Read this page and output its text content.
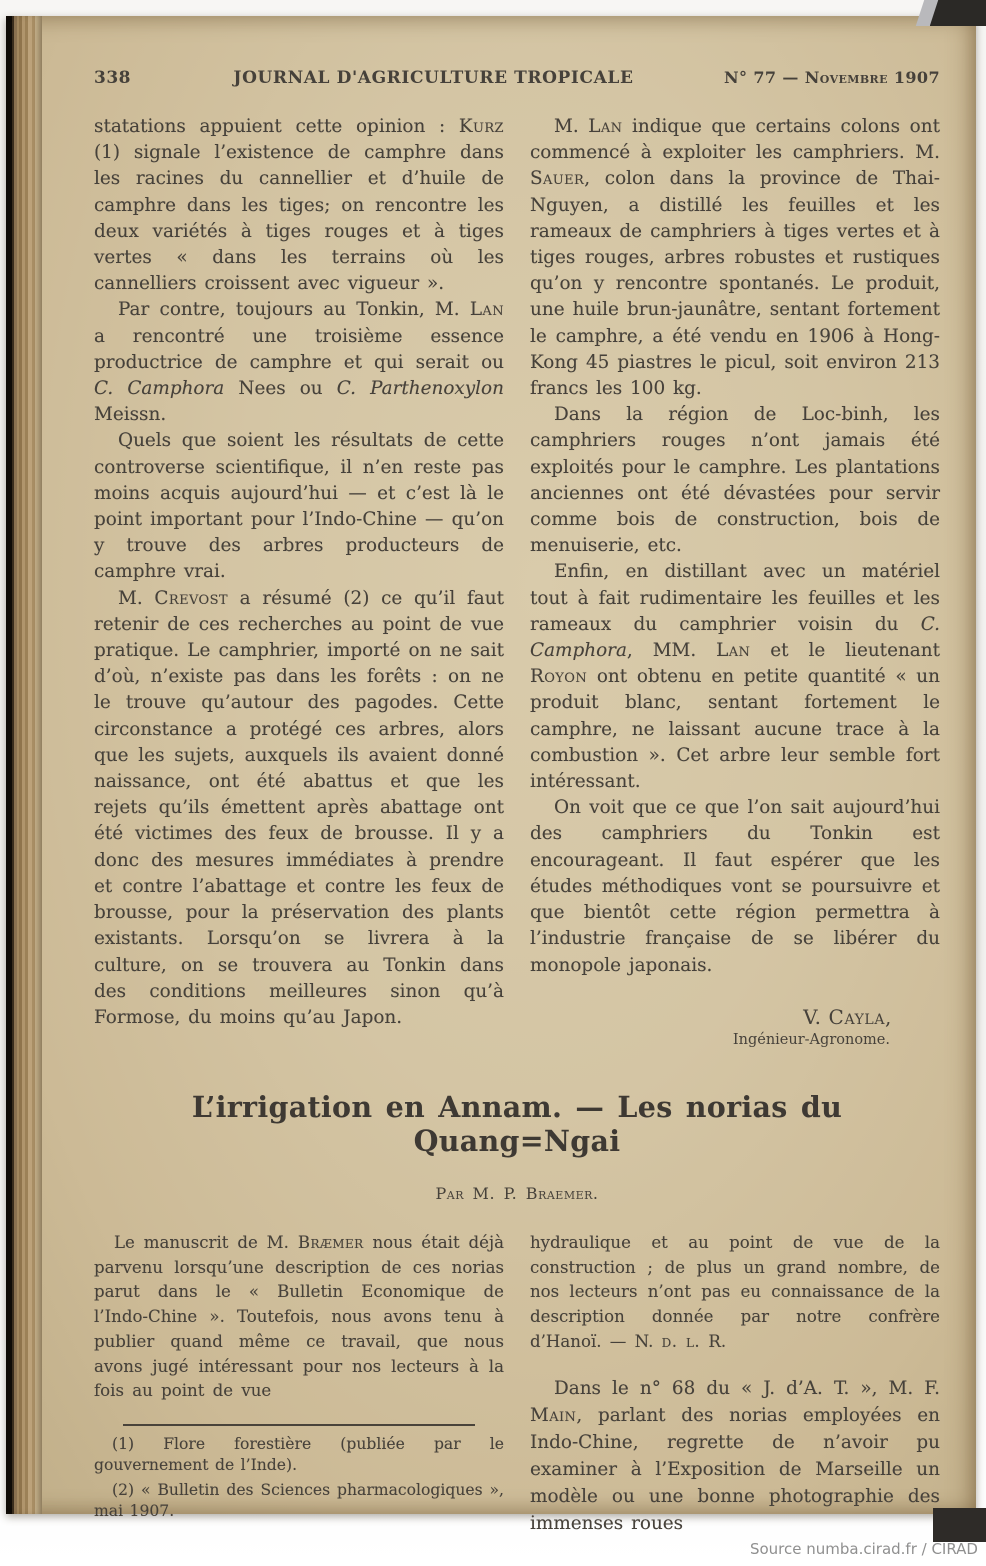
338	JOURNAL D'AGRICULTURE TROPICALE	N° 77 — Novembre 1907

statations appuient cette opinion : Kurz (1) signale l’existence de camphre dans les racines du cannellier et d’huile de camphre dans les tiges; on rencontre les deux variétés à tiges rouges et à tiges vertes « dans les terrains où les cannelliers croissent avec vigueur ».

Par contre, toujours au Tonkin, M. Lan a rencontré une troisième essence productrice de camphre et qui serait ou C. Camphora Nees ou C. Parthenoxylon Meissn.

Quels que soient les résultats de cette controverse scientifique, il n’en reste pas moins acquis aujourd’hui — et c’est là le point important pour l’Indo-Chine — qu’on y trouve des arbres producteurs de camphre vrai.

M. Crevost a résumé (2) ce qu’il faut retenir de ces recherches au point de vue pratique. Le camphrier, importé on ne sait d’où, n’existe pas dans les forêts : on ne le trouve qu’autour des pagodes. Cette circonstance a protégé ces arbres, alors que les sujets, auxquels ils avaient donné naissance, ont été abattus et que les rejets qu’ils émettent après abattage ont été victimes des feux de brousse. Il y a donc des mesures immédiates à prendre et contre l’abattage et contre les feux de brousse, pour la préservation des plants existants. Lorsqu’on se livrera à la culture, on se trouvera au Tonkin dans des conditions meilleures sinon qu’à Formose, du moins qu’au Japon.

M. Lan indique que certains colons ont commencé à exploiter les camphriers. M. Sauer, colon dans la province de Thai-Nguyen, a distillé les feuilles et les rameaux de camphriers à tiges vertes et à tiges rouges, arbres robustes et rustiques qu’on y rencontre spontanés. Le produit, une huile brun-jaunâtre, sentant fortement le camphre, a été vendu en 1906 à Hong-Kong 45 piastres le picul, soit environ 213 francs les 100 kg.

Dans la région de Loc-binh, les camphriers rouges n’ont jamais été exploités pour le camphre. Les plantations anciennes ont été dévastées pour servir comme bois de construction, bois de menuiserie, etc.

Enfin, en distillant avec un matériel tout à fait rudimentaire les feuilles et les rameaux du camphrier voisin du C. Camphora, MM. Lan et le lieutenant Royon ont obtenu en petite quantité « un produit blanc, sentant fortement le camphre, ne laissant aucune trace à la combustion ». Cet arbre leur semble fort intéressant.

On voit que ce que l’on sait aujourd’hui des camphriers du Tonkin est encourageant. Il faut espérer que les études méthodiques vont se poursuivre et que bientôt cette région permettra à l’industrie française de se libérer du monopole japonais.

V. Cayla,
Ingénieur-Agronome.
L’irrigation en Annam. — Les norias du Quang=Ngai
Par M. P. Braemer.

Le manuscrit de M. Bræmer nous était déjà parvenu lorsqu’une description de ces norias parut dans le « Bulletin Economique de l’Indo-Chine ». Toutefois, nous avons tenu à publier quand même ce travail, que nous avons jugé intéressant pour nos lecteurs à la fois au point de vue

(1) Flore forestière (publiée par le gouvernement de l’Inde).

(2) « Bulletin des Sciences pharmacologiques », mai 1907.

hydraulique et au point de vue de la construction ; de plus un grand nombre, de nos lecteurs n’ont pas eu connaissance de la description donnée par notre confrère d’Hanoï. — N. d. l. R.

Dans le n° 68 du « J. d’A. T. », M. F. Main, parlant des norias employées en Indo-Chine, regrette de n’avoir pu examiner à l’Exposition de Marseille un modèle ou une bonne photographie des immenses roues

Source numba.cirad.fr / CIRAD
